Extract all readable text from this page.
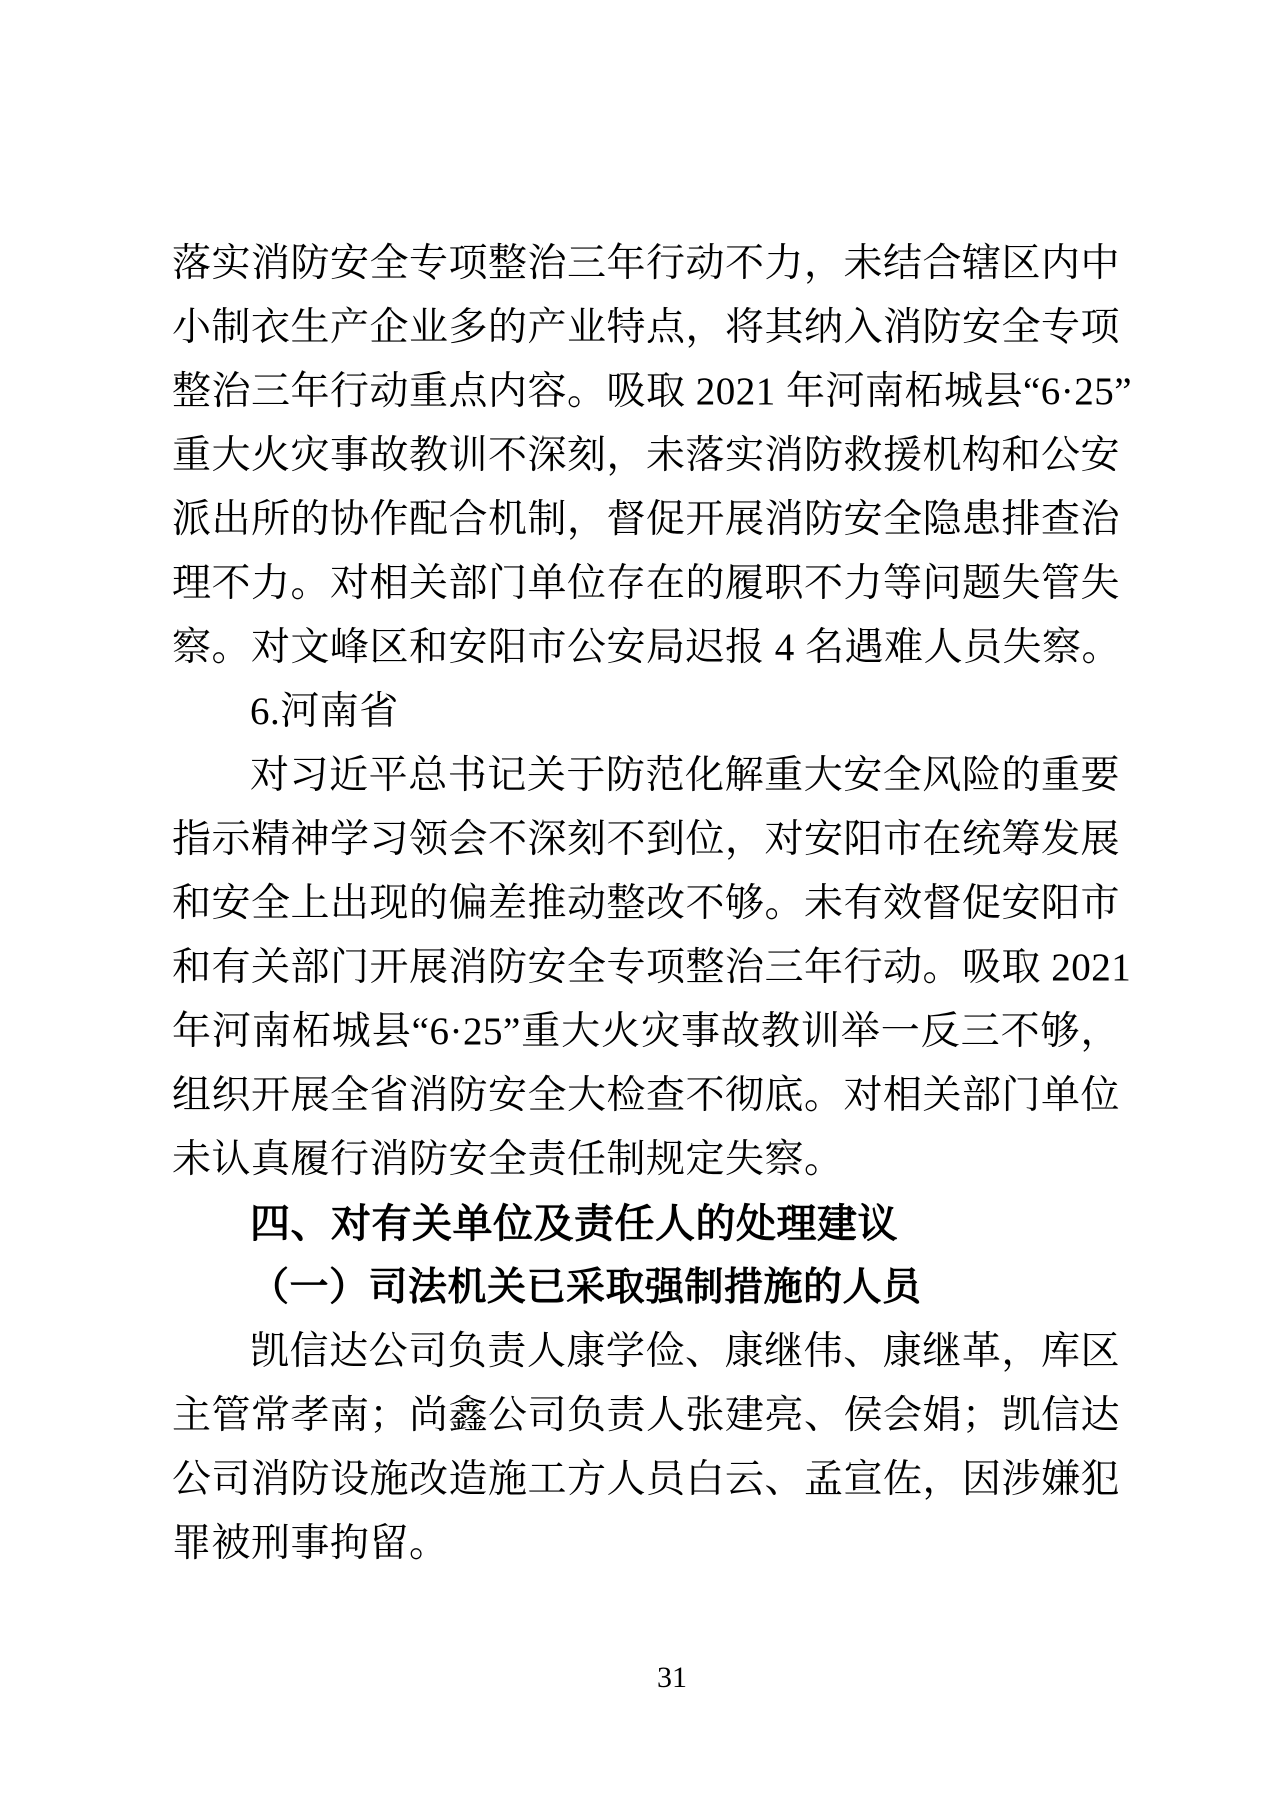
落实消防安全专项整治三年行动不力，未结合辖区内中
小制衣生产企业多的产业特点，将其纳入消防安全专项
整治三年行动重点内容。吸取 2021 年河南柘城县“6·25”
重大火灾事故教训不深刻，未落实消防救援机构和公安
派出所的协作配合机制，督促开展消防安全隐患排查治
理不力。对相关部门单位存在的履职不力等问题失管失
察。对文峰区和安阳市公安局迟报 4 名遇难人员失察。
6.河南省
对习近平总书记关于防范化解重大安全风险的重要
指示精神学习领会不深刻不到位，对安阳市在统筹发展
和安全上出现的偏差推动整改不够。未有效督促安阳市
和有关部门开展消防安全专项整治三年行动。吸取 2021
年河南柘城县“6·25”重大火灾事故教训举一反三不够，
组织开展全省消防安全大检查不彻底。对相关部门单位
未认真履行消防安全责任制规定失察。
四、对有关单位及责任人的处理建议
（一）司法机关已采取强制措施的人员
凯信达公司负责人康学俭、康继伟、康继革，库区
主管常孝南；尚鑫公司负责人张建亮、侯会娟；凯信达
公司消防设施改造施工方人员白云、孟宣佐，因涉嫌犯
罪被刑事拘留。
31
